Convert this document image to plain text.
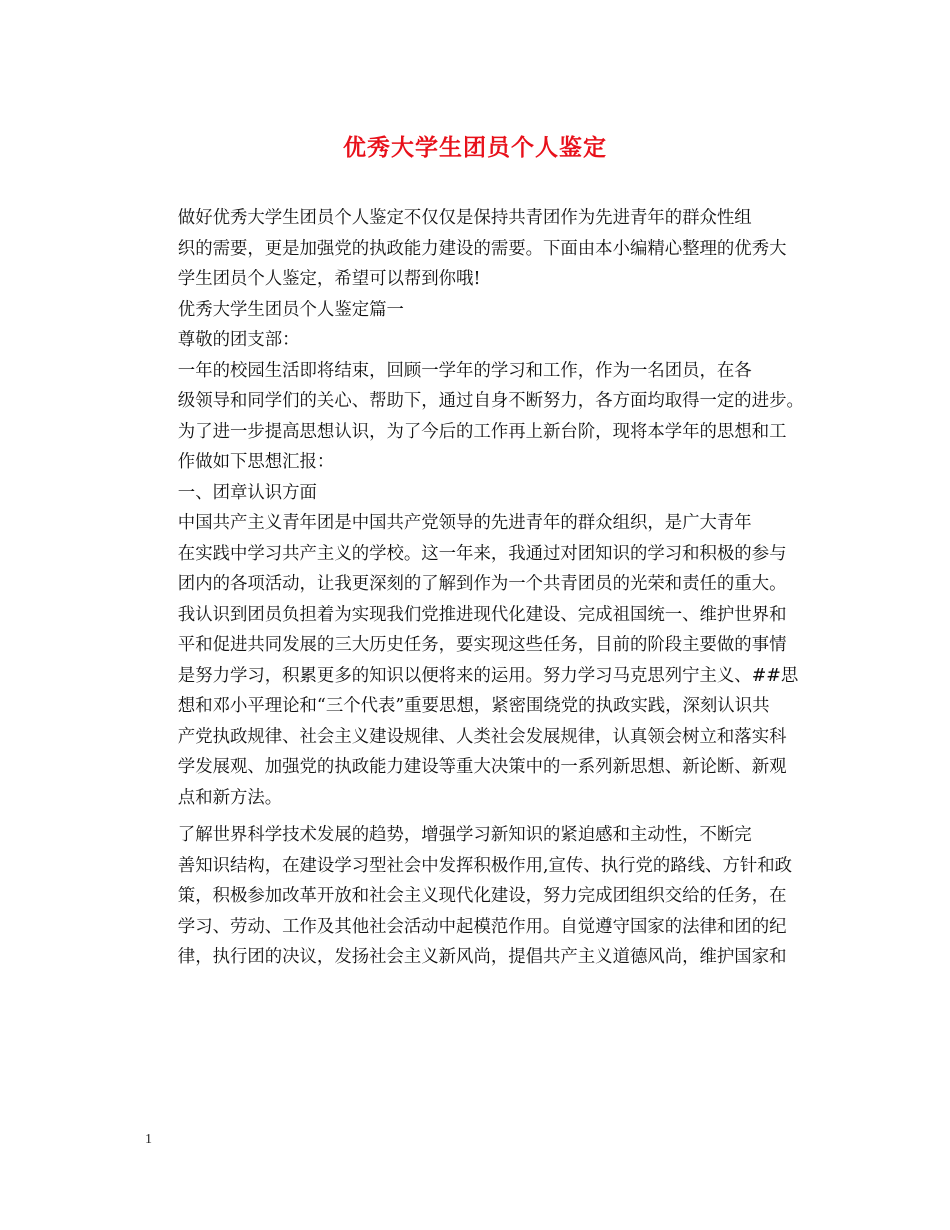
优秀大学生团员个人鉴定

做好优秀大学生团员个人鉴定不仅仅是保持共青团作为先进青年的群众性组
织的需要，更是加强党的执政能力建设的需要。下面由本小编精心整理的优秀大
学生团员个人鉴定，希望可以帮到你哦!

优秀大学生团员个人鉴定篇一

尊敬的团支部：

一年的校园生活即将结束，回顾一学年的学习和工作，作为一名团员，在各
级领导和同学们的关心、帮助下，通过自身不断努力，各方面均取得一定的进步。
为了进一步提高思想认识，为了今后的工作再上新台阶，现将本学年的思想和工
作做如下思想汇报：

一、团章认识方面

中国共产主义青年团是中国共产党领导的先进青年的群众组织，是广大青年
在实践中学习共产主义的学校。这一年来，我通过对团知识的学习和积极的参与
团内的各项活动，让我更深刻的了解到作为一个共青团员的光荣和责任的重大。
我认识到团员负担着为实现我们党推进现代化建设、完成祖国统一、维护世界和
平和促进共同发展的三大历史任务，要实现这些任务，目前的阶段主要做的事情
是努力学习，积累更多的知识以便将来的运用。努力学习马克思列宁主义、##思
想和邓小平理论和“三个代表”重要思想，紧密围绕党的执政实践，深刻认识共
产党执政规律、社会主义建设规律、人类社会发展规律，认真领会树立和落实科
学发展观、加强党的执政能力建设等重大决策中的一系列新思想、新论断、新观
点和新方法。

了解世界科学技术发展的趋势，增强学习新知识的紧迫感和主动性，不断完
善知识结构，在建设学习型社会中发挥积极作用,宣传、执行党的路线、方针和政
策，积极参加改革开放和社会主义现代化建设，努力完成团组织交给的任务，在
学习、劳动、工作及其他社会活动中起模范作用。自觉遵守国家的法律和团的纪
律，执行团的决议，发扬社会主义新风尚，提倡共产主义道德风尚，维护国家和

1
